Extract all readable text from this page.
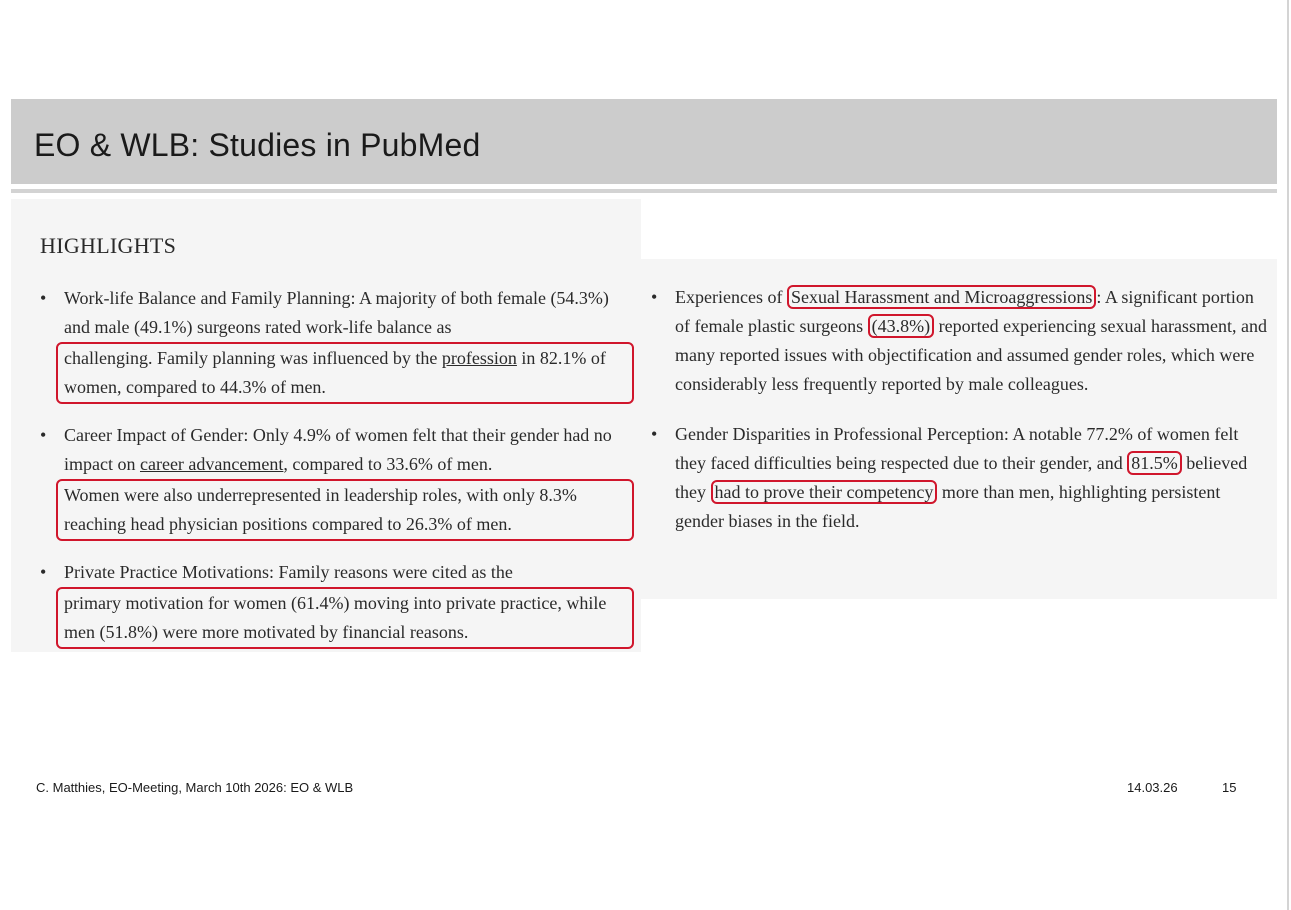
EO & WLB: Studies in PubMed
HIGHLIGHTS
• Work-life Balance and Family Planning: A majority of both female (54.3%) and male (49.1%) surgeons rated work-life balance as
challenging. Family planning was influenced by the profession in 82.1% of women, compared to 44.3% of men.
• Career Impact of Gender: Only 4.9% of women felt that their gender had no impact on career advancement, compared to 33.6% of men.
Women were also underrepresented in leadership roles, with only 8.3% reaching head physician positions compared to 26.3% of men.
• Private Practice Motivations: Family reasons were cited as the
primary motivation for women (61.4%) moving into private practice, while men (51.8%) were more motivated by financial reasons.
• Experiences of Sexual Harassment and Microaggressions : A significant portion of female plastic surgeons (43.8%) reported experiencing sexual harassment, and many reported issues with objectification and assumed gender roles, which were considerably less frequently reported by male colleagues.
• Gender Disparities in Professional Perception: A notable 77.2% of women felt they faced difficulties being respected due to their gender, and 81.5% believed they had to prove their competency more than men, highlighting persistent gender biases in the field.
C. Matthies, EO-Meeting, March 10th 2026: EO & WLB	14.03.26	15
